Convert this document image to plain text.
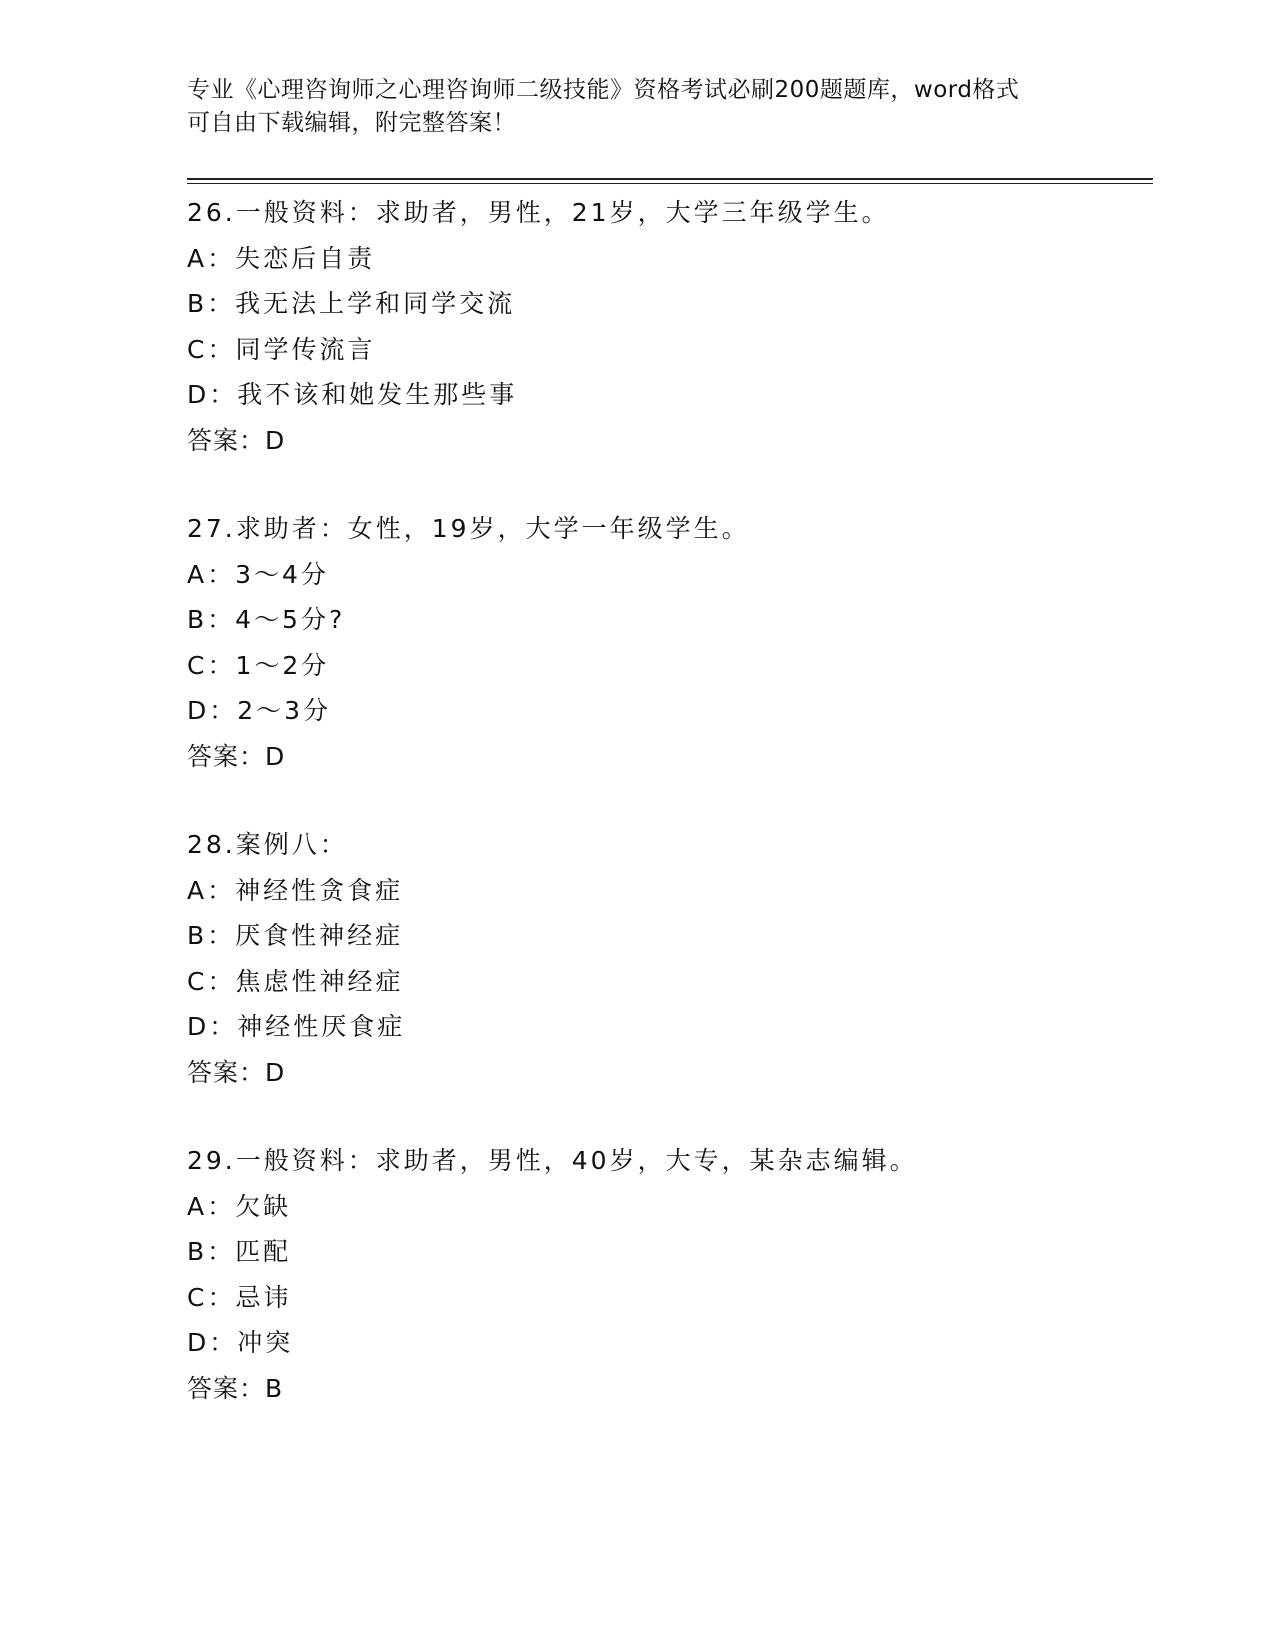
专业《心理咨询师之心理咨询师二级技能》资格考试必刷200题题库，word格式
可自由下载编辑，附完整答案！
26.一般资料：求助者，男性，21岁，大学三年级学生。
A：失恋后自责
B：我无法上学和同学交流
C：同学传流言
D：我不该和她发生那些事
答案：D
27.求助者：女性，19岁，大学一年级学生。
A：3～4分
B：4～5分?
C：1～2分
D：2～3分
答案：D
28.案例八：
A：神经性贪食症
B：厌食性神经症
C：焦虑性神经症
D：神经性厌食症
答案：D
29.一般资料：求助者，男性，40岁，大专，某杂志编辑。
A：欠缺
B：匹配
C：忌讳
D：冲突
答案：B
